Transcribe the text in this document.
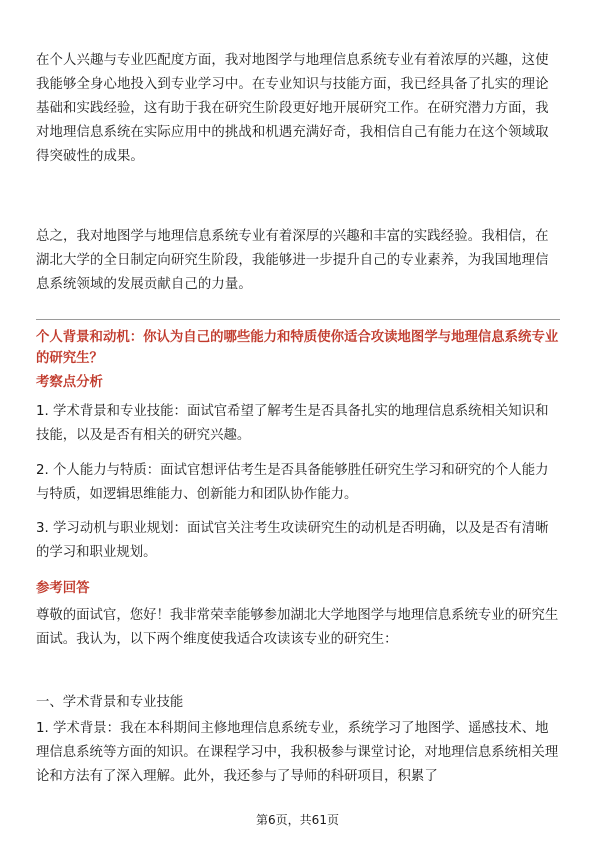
在个人兴趣与专业匹配度方面，我对地图学与地理信息系统专业有着浓厚的兴趣，这使我能够全身心地投入到专业学习中。在专业知识与技能方面，我已经具备了扎实的理论基础和实践经验，这有助于我在研究生阶段更好地开展研究工作。在研究潜力方面，我对地理信息系统在实际应用中的挑战和机遇充满好奇，我相信自己有能力在这个领域取得突破性的成果。

总之，我对地图学与地理信息系统专业有着深厚的兴趣和丰富的实践经验。我相信，在湖北大学的全日制定向研究生阶段，我能够进一步提升自己的专业素养，为我国地理信息系统领域的发展贡献自己的力量。

个人背景和动机：你认为自己的哪些能力和特质使你适合攻读地图学与地理信息系统专业的研究生？

考察点分析

1. 学术背景和专业技能：面试官希望了解考生是否具备扎实的地理信息系统相关知识和技能，以及是否有相关的研究兴趣。

2. 个人能力与特质：面试官想评估考生是否具备能够胜任研究生学习和研究的个人能力与特质，如逻辑思维能力、创新能力和团队协作能力。

3. 学习动机与职业规划：面试官关注考生攻读研究生的动机是否明确，以及是否有清晰的学习和职业规划。

参考回答

尊敬的面试官，您好！我非常荣幸能够参加湖北大学地图学与地理信息系统专业的研究生面试。我认为，以下两个维度使我适合攻读该专业的研究生：

一、学术背景和专业技能

1. 学术背景：我在本科期间主修地理信息系统专业，系统学习了地图学、遥感技术、地理信息系统等方面的知识。在课程学习中，我积极参与课堂讨论，对地理信息系统相关理论和方法有了深入理解。此外，我还参与了导师的科研项目，积累了

第6页，共61页
